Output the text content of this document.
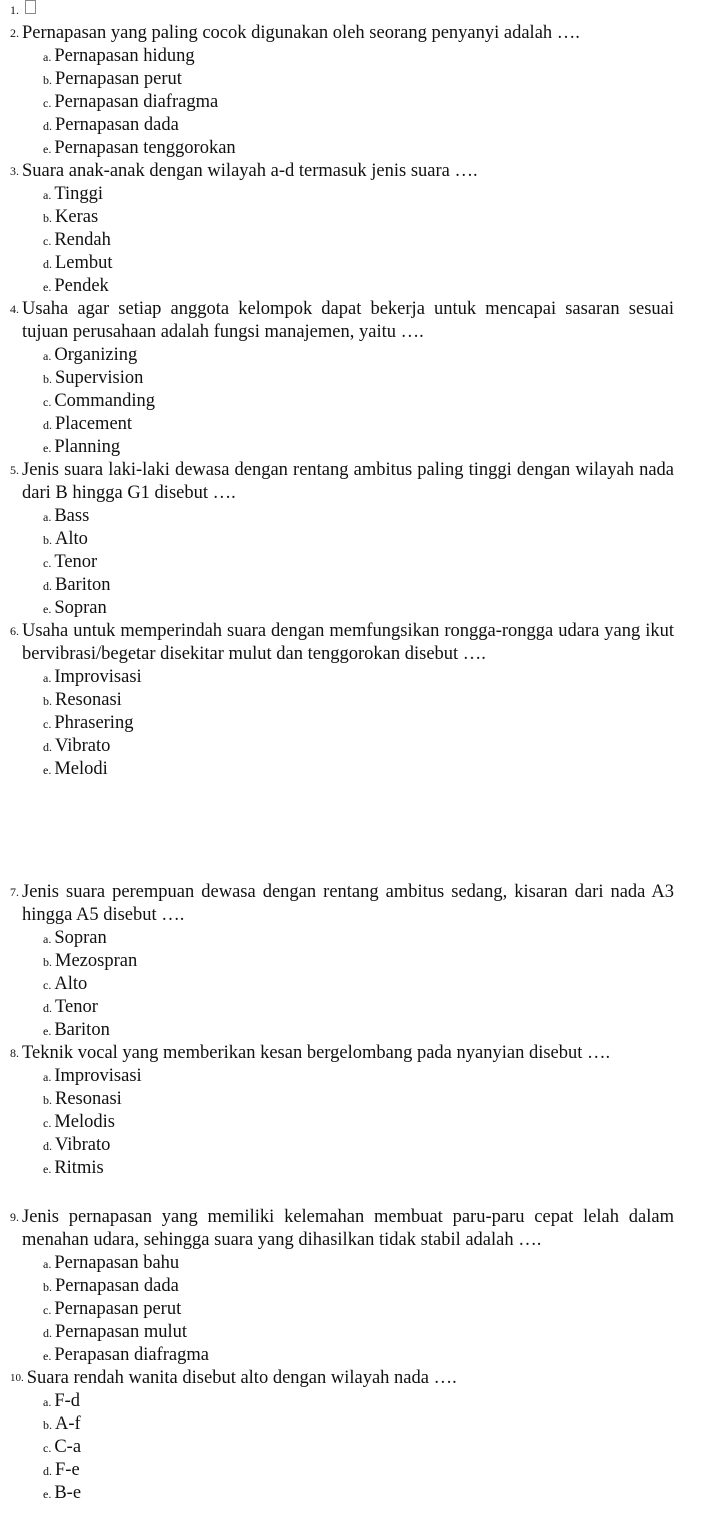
1.
2. Pernapasan yang paling cocok digunakan oleh seorang penyanyi adalah ….
a. Pernapasan hidung
b. Pernapasan perut
c. Pernapasan diafragma
d. Pernapasan dada
e. Pernapasan tenggorokan
3. Suara anak-anak dengan wilayah a-d termasuk jenis suara ….
a. Tinggi
b. Keras
c. Rendah
d. Lembut
e. Pendek
4. Usaha agar setiap anggota kelompok dapat bekerja untuk mencapai sasaran sesuai tujuan perusahaan adalah fungsi manajemen, yaitu ….
a. Organizing
b. Supervision
c. Commanding
d. Placement
e. Planning
5. Jenis suara laki-laki dewasa dengan rentang ambitus paling tinggi dengan wilayah nada dari B hingga G1 disebut ….
a. Bass
b. Alto
c. Tenor
d. Bariton
e. Sopran
6. Usaha untuk memperindah suara dengan memfungsikan rongga-rongga udara yang ikut bervibrasi/begetar disekitar mulut dan tenggorokan disebut ….
a. Improvisasi
b. Resonasi
c. Phrasering
d. Vibrato
e. Melodi
7. Jenis suara perempuan dewasa dengan rentang ambitus sedang, kisaran dari nada A3 hingga A5 disebut ….
a. Sopran
b. Mezospran
c. Alto
d. Tenor
e. Bariton
8. Teknik vocal yang memberikan kesan bergelombang pada nyanyian disebut ….
a. Improvisasi
b. Resonasi
c. Melodis
d. Vibrato
e. Ritmis
9. Jenis pernapasan yang memiliki kelemahan membuat paru-paru cepat lelah dalam menahan udara, sehingga suara yang dihasilkan tidak stabil adalah ….
a. Pernapasan bahu
b. Pernapasan dada
c. Pernapasan perut
d. Pernapasan mulut
e. Perapasan diafragma
10. Suara rendah wanita disebut alto dengan wilayah nada ….
a. F-d
b. A-f
c. C-a
d. F-e
e. B-e
